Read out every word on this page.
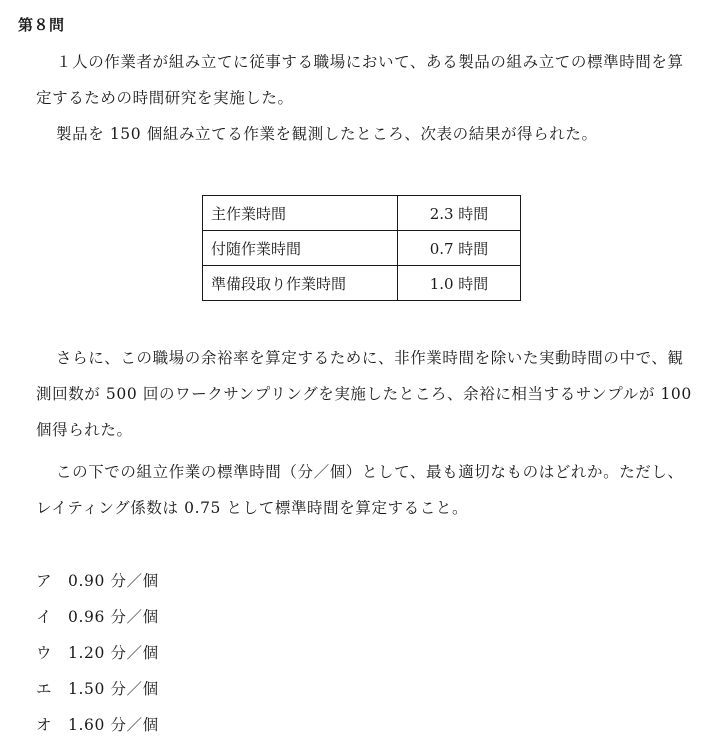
第８問
１人の作業者が組み立てに従事する職場において、ある製品の組み立ての標準時間を算定するための時間研究を実施した。
製品を 150 個組み立てる作業を観測したところ、次表の結果が得られた。
主作業時間	2.3 時間
付随作業時間	0.7 時間
準備段取り作業時間	1.0 時間
さらに、この職場の余裕率を算定するために、非作業時間を除いた実動時間の中で、観測回数が 500 回のワークサンプリングを実施したところ、余裕に相当するサンプルが 100 個得られた。
この下での組立作業の標準時間（分／個）として、最も適切なものはどれか。ただし、レイティング係数は 0.75 として標準時間を算定すること。
ア 0.90 分／個
イ 0.96 分／個
ウ 1.20 分／個
エ 1.50 分／個
オ 1.60 分／個
